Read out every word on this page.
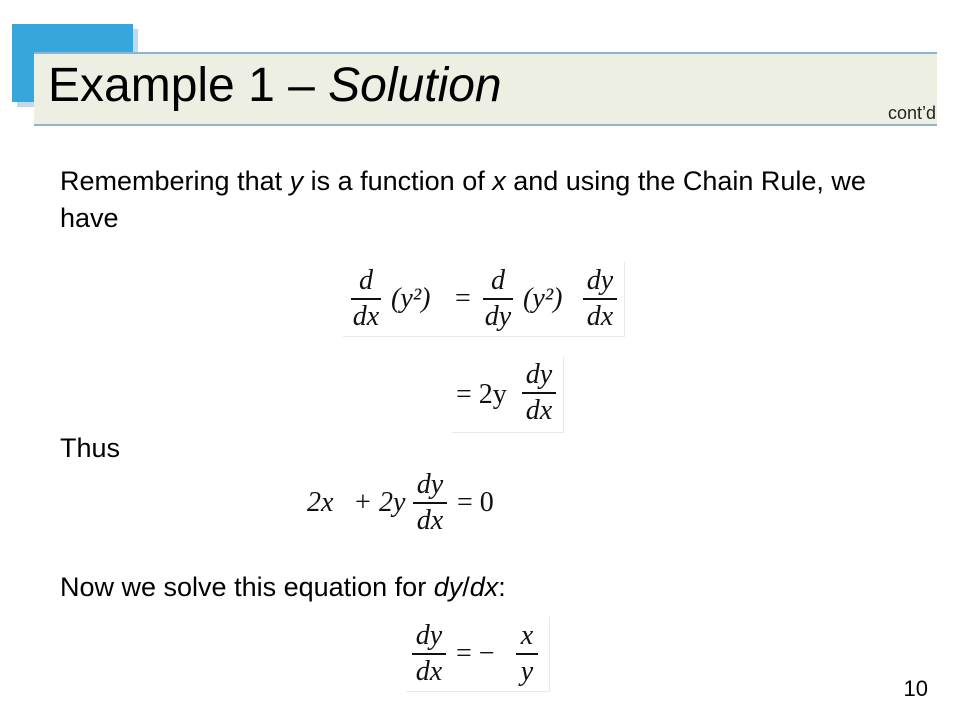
Example 1 – Solution
cont’d
Remembering that y is a function of x and using the Chain Rule, we have
d
dx
(y²) =
d
dy
(y²)
dy
dx
= 2y
dy
dx
Thus
2x + 2y
dy
dx
= 0
Now we solve this equation for dy/dx:
dy
dx
= −
x
y
10
